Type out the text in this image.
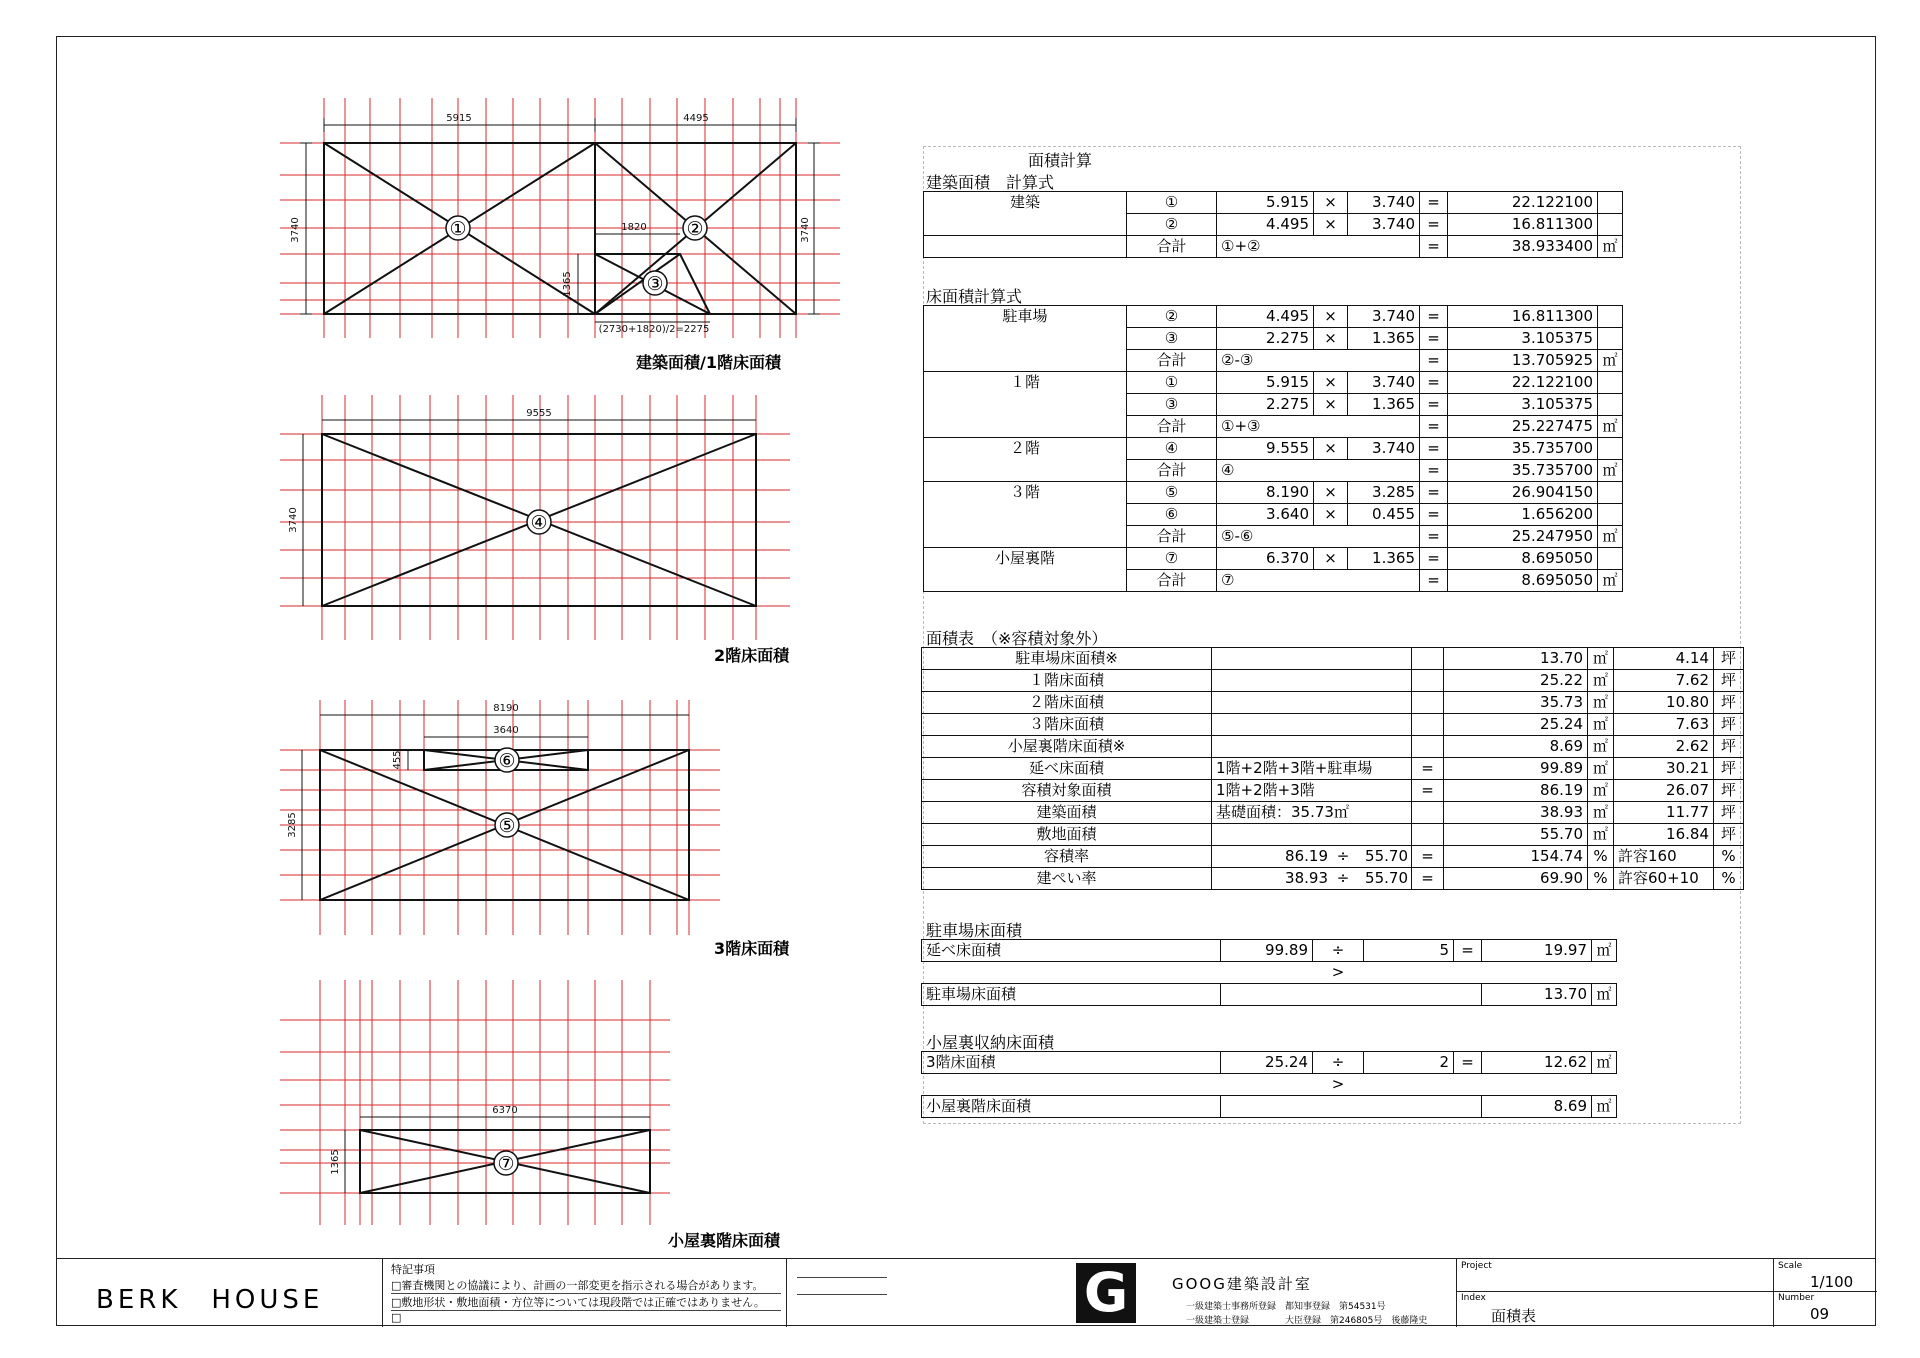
①	②
③
④
⑥
⑤
⑦
5915	4495
3740	3740
1820
1365
(2730+1820)/2=2275
9555
3740
8190
3640
455
3285
6370
1365
建築面積/1階床面積
2階床面積
3階床面積
小屋裏階床面積
面積計算
建築面積　計算式
建築	①	5.915	×	3.740	=	22.122100	
	②	4.495	×	3.740	=	16.811300	
	合計	①+②			=	38.933400	㎡
床面積計算式
駐車場	②	4.495	×	3.740	=	16.811300	
	③	2.275	×	1.365	=	3.105375	
	合計	②-③			=	13.705925	㎡
１階	①	5.915	×	3.740	=	22.122100	
	③	2.275	×	1.365	=	3.105375	
	合計	①+③			=	25.227475	㎡
２階	④	9.555	×	3.740	=	35.735700	
	合計	④			=	35.735700	㎡
３階	⑤	8.190	×	3.285	=	26.904150	
	⑥	3.640	×	0.455	=	1.656200	
	合計	⑤-⑥			=	25.247950	㎡
小屋裏階	⑦	6.370	×	1.365	=	8.695050	
	合計	⑦			=	8.695050	㎡
面積表　（※容積対象外）
駐車場床面積※			13.70	㎡	4.14	坪
１階床面積			25.22	㎡	7.62	坪
２階床面積			35.73	㎡	10.80	坪
３階床面積			25.24	㎡	7.63	坪
小屋裏階床面積※			8.69	㎡	2.62	坪
延べ床面積	1階+2階+3階+駐車場	=	99.89	㎡	30.21	坪
容積対象面積	1階+2階+3階	=	86.19	㎡	26.07	坪
建築面積	基礎面積：35.73㎡		38.93	㎡	11.77	坪
敷地面積			55.70	㎡	16.84	坪
容積率	86.19 ÷ 55.70	=	154.74	%	許容160	%
建ぺい率	38.93 ÷ 55.70	=	69.90	%	許容60+10	%
駐車場床面積
延べ床面積	99.89	÷	5	=	19.97	㎡
		>				
駐車場床面積					13.70	㎡
小屋裏収納床面積
3階床面積		25.24	÷	2	=	12.62	㎡
			>				
小屋裏階床面積						8.69	㎡
BERK　HOUSE
特記事項
□審査機関との協議により、計画の一部変更を指示される場合があります。
□敷地形状・敷地面積・方位等については現段階では正確ではありません。
□	G	GOOG建築設計室
一級建築士事務所登録　都知事登録　第54531号
一級建築士登録　　　　大臣登録　第246805号　後藤隆史
Project
Index
面積表
Scale
1/100
Number
09
